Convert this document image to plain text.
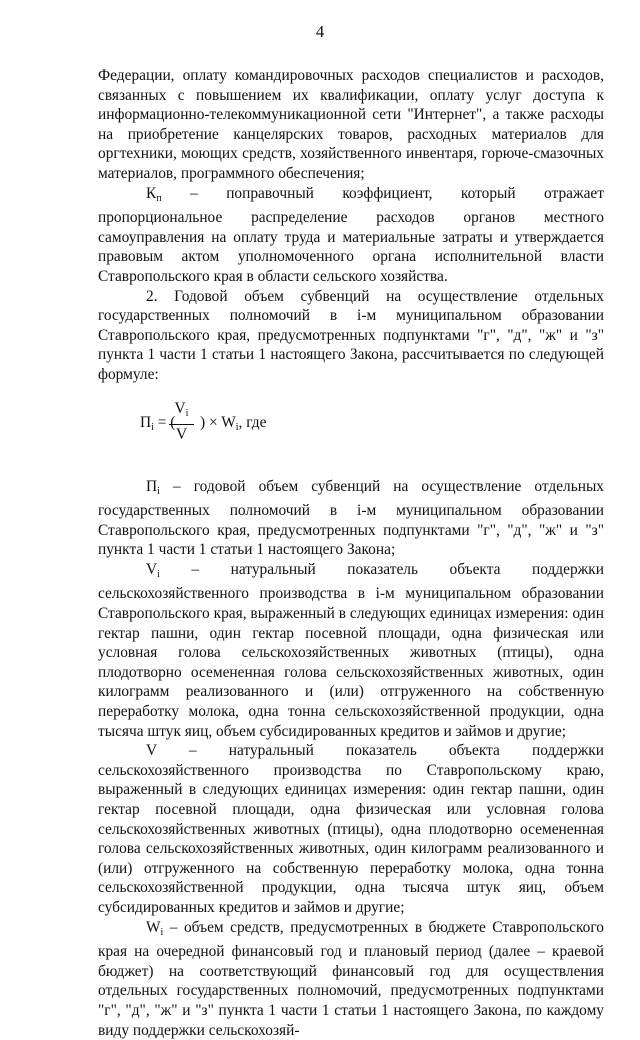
4

Федерации, оплату командировочных расходов специалистов и расходов, связанных с повышением их квалификации, оплату услуг доступа к информационно-телекоммуникационной сети "Интернет", а также расходы на приобретение канцелярских товаров, расходных материалов для оргтехники, моющих средств, хозяйственного инвентаря, горюче-смазочных материалов, программного обеспечения;

$К_п$ – поправочный коэффициент, который отражает пропорциональное распределение расходов органов местного самоуправления на оплату труда и материальные затраты и утверждается правовым актом уполномоченного органа исполнительной власти Ставропольского края в области сельского хозяйства.

2. Годовой объем субвенций на осуществление отдельных государственных полномочий в i-м муниципальном образовании Ставропольского края, предусмотренных подпунктами "г", "д", "ж" и "з" пункта 1 части 1 статьи 1 настоящего Закона, рассчитывается по следующей формуле:

$П_i$ = (
$\frac{V_i}{V}$ ) × $W_i$, где

$П_i$ – годовой объем субвенций на осуществление отдельных государственных полномочий в i-м муниципальном образовании Ставропольского края, предусмотренных подпунктами "г", "д", "ж" и "з" пункта 1 части 1 статьи 1 настоящего Закона;

$V_i$ – натуральный показатель объекта поддержки сельскохозяйственного производства в i-м муниципальном образовании Ставропольского края, выраженный в следующих единицах измерения: один гектар пашни, один гектар посевной площади, одна физическая или условная голова сельскохозяйственных животных (птицы), одна плодотворно осемененная голова сельскохозяйственных животных, один килограмм реализованного и (или) отгруженного на собственную переработку молока, одна тонна сельскохозяйственной продукции, одна тысяча штук яиц, объем субсидированных кредитов и займов и другие;

V – натуральный показатель объекта поддержки сельскохозяйственного производства по Ставропольскому краю, выраженный в следующих единицах измерения: один гектар пашни, один гектар посевной площади, одна физическая или условная голова сельскохозяйственных животных (птицы), одна плодотворно осемененная голова сельскохозяйственных животных, один килограмм реализованного и (или) отгруженного на собственную переработку молока, одна тонна сельскохозяйственной продукции, одна тысяча штук яиц, объем субсидированных кредитов и займов и другие;

$W_i$ – объем средств, предусмотренных в бюджете Ставропольского края на очередной финансовый год и плановый период (далее – краевой бюджет) на соответствующий финансовый год для осуществления отдельных государственных полномочий, предусмотренных подпунктами "г", "д", "ж" и "з" пункта 1 части 1 статьи 1 настоящего Закона, по каждому виду поддержки сельскохозяй-
